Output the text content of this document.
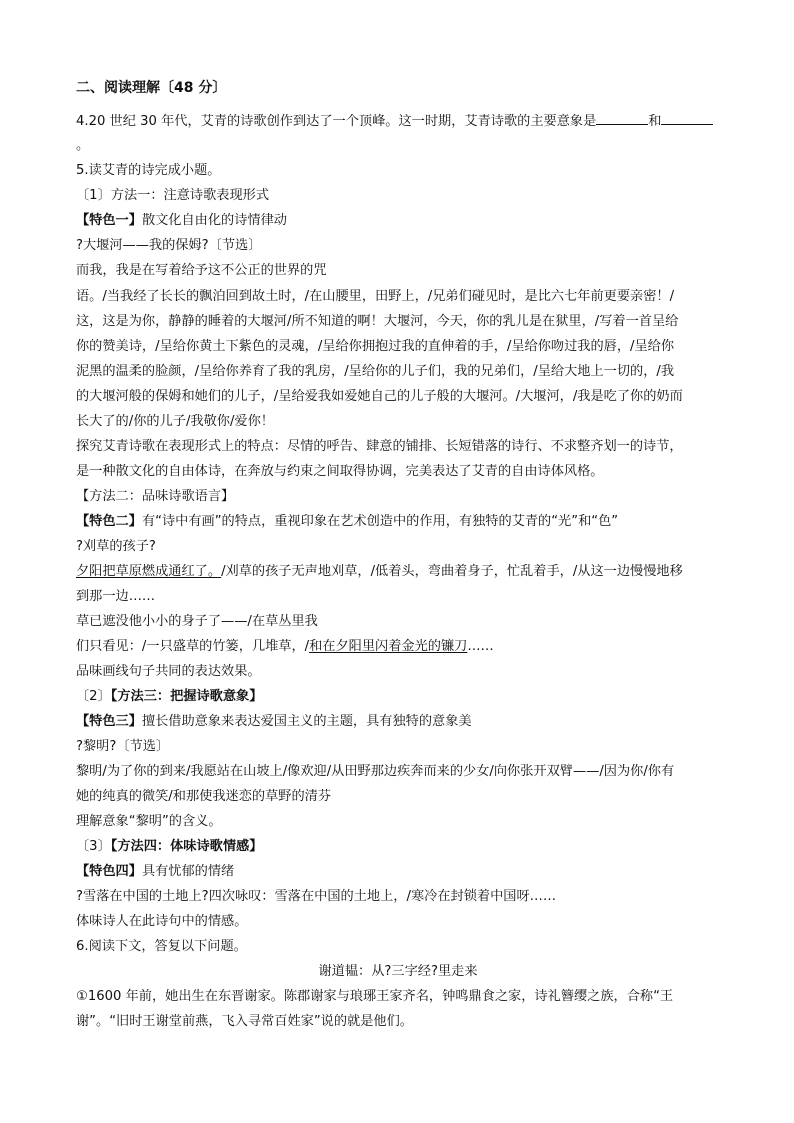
二、阅读理解〔48 分〕
4.20 世纪 30 年代，艾青的诗歌创作到达了一个顶峰。这一时期，艾青诗歌的主要意象是	和
。
5.读艾青的诗完成小题。
〔1〕方法一：注意诗歌表现形式
【特色一】散文化自由化的诗情律动
?大堰河——我的保姆?〔节选〕
而我，我是在写着给予这不公正的世界的咒
语。/当我经了长长的飘泊回到故土时，/在山腰里，田野上，/兄弟们碰见时，是比六七年前更要亲密！/
这，这是为你，静静的睡着的大堰河/所不知道的啊！大堰河，今天，你的乳儿是在狱里，/写着一首呈给
你的赞美诗，/呈给你黄土下紫色的灵魂，/呈给你拥抱过我的直伸着的手，/呈给你吻过我的唇，/呈给你
泥黑的温柔的脸颜，/呈给你养育了我的乳房，/呈给你的儿子们，我的兄弟们，/呈给大地上一切的，/我
的大堰河般的保姆和她们的儿子，/呈给爱我如爱她自己的儿子般的大堰河。/大堰河，/我是吃了你的奶而
长大了的/你的儿子/我敬你/爱你！
探究艾青诗歌在表现形式上的特点：尽情的呼告、肆意的铺排、长短错落的诗行、不求整齐划一的诗节，
是一种散文化的自由体诗，在奔放与约束之间取得协调，完美表达了艾青的自由诗体风格。
【方法二：品味诗歌语言】
【特色二】有“诗中有画”的特点，重视印象在艺术创造中的作用，有独特的艾青的“光”和“色”
?刈草的孩子?
夕阳把草原燃成通红了。/刈草的孩子无声地刈草，/低着头，弯曲着身子，忙乱着手，/从这一边慢慢地移
到那一边……
草已遮没他小小的身子了——/在草丛里我
们只看见：/一只盛草的竹篓，几堆草，/和在夕阳里闪着金光的镰刀……
品味画线句子共同的表达效果。
〔2〕【方法三：把握诗歌意象】
【特色三】擅长借助意象来表达爱国主义的主题，具有独特的意象美
?黎明?〔节选〕
黎明/为了你的到来/我愿站在山坡上/像欢迎/从田野那边疾奔而来的少女/向你张开双臂——/因为你/你有
她的纯真的微笑/和那使我迷恋的草野的清芬
理解意象“黎明”的含义。
〔3〕【方法四：体味诗歌情感】
【特色四】具有忧郁的情绪
?雪落在中国的土地上?四次咏叹：雪落在中国的土地上，/寒冷在封锁着中国呀……
体味诗人在此诗句中的情感。
6.阅读下文，答复以下问题。
谢道韫：从?三字经?里走来
①1600 年前，她出生在东晋谢家。陈郡谢家与琅琊王家齐名，钟鸣鼎食之家，诗礼簪缨之族，合称“王
谢”。“旧时王谢堂前燕，飞入寻常百姓家”说的就是他们。
